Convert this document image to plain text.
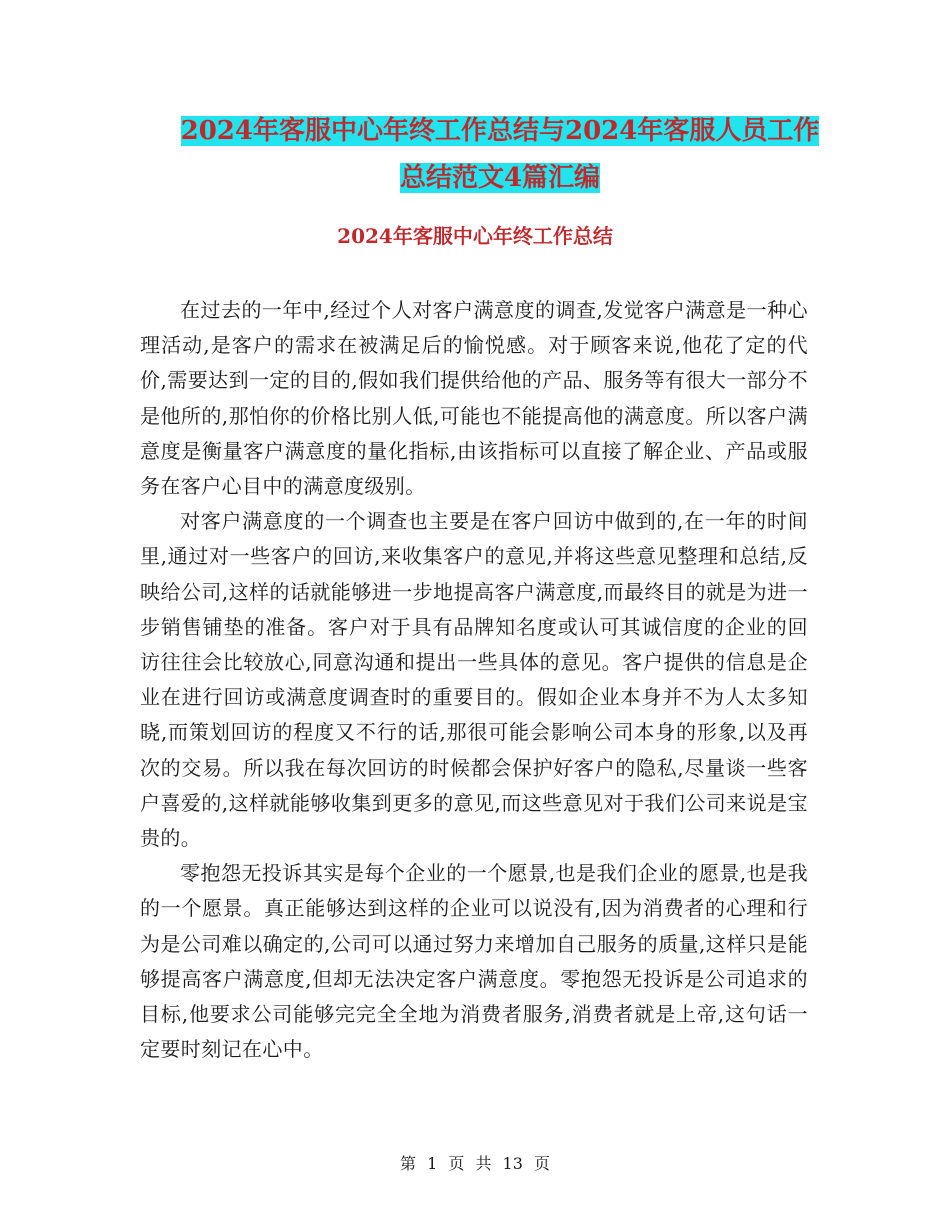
2024年客服中心年终工作总结与2024年客服人员工作
总结范文4篇汇编
2024年客服中心年终工作总结

在过去的一年中,经过个人对客户满意度的调查,发觉客户满意是一种心理活动,是客户的需求在被满足后的愉悦感。对于顾客来说,他花了定的代价,需要达到一定的目的,假如我们提供给他的产品、服务等有很大一部分不是他所的,那怕你的价格比别人低,可能也不能提高他的满意度。所以客户满意度是衡量客户满意度的量化指标,由该指标可以直接了解企业、产品或服务在客户心目中的满意度级别。

对客户满意度的一个调查也主要是在客户回访中做到的,在一年的时间里,通过对一些客户的回访,来收集客户的意见,并将这些意见整理和总结,反映给公司,这样的话就能够进一步地提高客户满意度,而最终目的就是为进一步销售铺垫的准备。客户对于具有品牌知名度或认可其诚信度的企业的回访往往会比较放心,同意沟通和提出一些具体的意见。客户提供的信息是企业在进行回访或满意度调查时的重要目的。假如企业本身并不为人太多知晓,而策划回访的程度又不行的话,那很可能会影响公司本身的形象,以及再次的交易。所以我在每次回访的时候都会保护好客户的隐私,尽量谈一些客户喜爱的,这样就能够收集到更多的意见,而这些意见对于我们公司来说是宝贵的。

零抱怨无投诉其实是每个企业的一个愿景,也是我们企业的愿景,也是我的一个愿景。真正能够达到这样的企业可以说没有,因为消费者的心理和行为是公司难以确定的,公司可以通过努力来增加自己服务的质量,这样只是能够提高客户满意度,但却无法决定客户满意度。零抱怨无投诉是公司追求的目标,他要求公司能够完完全全地为消费者服务,消费者就是上帝,这句话一定要时刻记在心中。

第 1 页 共 13 页
